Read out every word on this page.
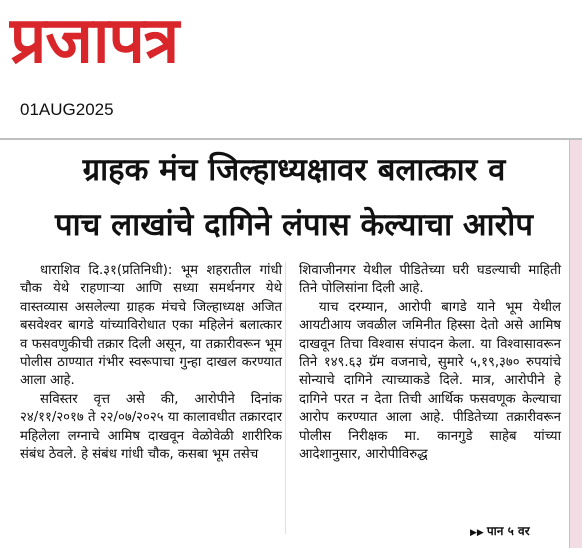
प्रजापत्र
01AUG2025
ग्राहक मंच जिल्हाध्यक्षावर बलात्कार व
पाच लाखांचे दागिने लंपास केल्याचा आरोप

धाराशिव दि.३१(प्रतिनिधी): भूम शहरातील गांधी चौक येथे राहणाऱ्या आणि सध्या समर्थनगर येथे वास्तव्यास असलेल्या ग्राहक मंचचे जिल्हाध्यक्ष अजित बसवेश्वर बागडे यांच्याविरोधात एका महिलेनं बलात्कार व फसवणुकीची तक्रार दिली असून, या तक्रारीवरून भूम पोलीस ठाण्यात गंभीर स्वरूपाचा गुन्हा दाखल करण्यात आला आहे.

सविस्तर वृत्त असे की, आरोपीने दिनांक २४/११/२०१७ ते २२/०७/२०२५ या कालावधीत तक्रारदार महिलेला लग्नाचे आमिष दाखवून वेळोवेळी शारीरिक संबंध ठेवले. हे संबंध गांधी चौक, कसबा भूम तसेच

शिवाजीनगर येथील पीडितेच्या घरी घडल्याची माहिती तिने पोलिसांना दिली आहे.

याच दरम्यान, आरोपी बागडे याने भूम येथील आयटीआय जवळील जमिनीत हिस्सा देतो असे आमिष दाखवून तिचा विश्वास संपादन केला. या विश्वासावरून तिने १४९.६३ ग्रॅम वजनाचे, सुमारे ५,१९,३७० रुपयांचे सोन्याचे दागिने त्याच्याकडे दिले. मात्र, आरोपीने हे दागिने परत न देता तिची आर्थिक फसवणूक केल्याचा आरोप करण्यात आला आहे. पीडितेच्या तक्रारीवरून पोलीस निरीक्षक मा. कानगुडे साहेब यांच्या आदेशानुसार, आरोपीविरुद्ध

▶▶ पान ५ वर
